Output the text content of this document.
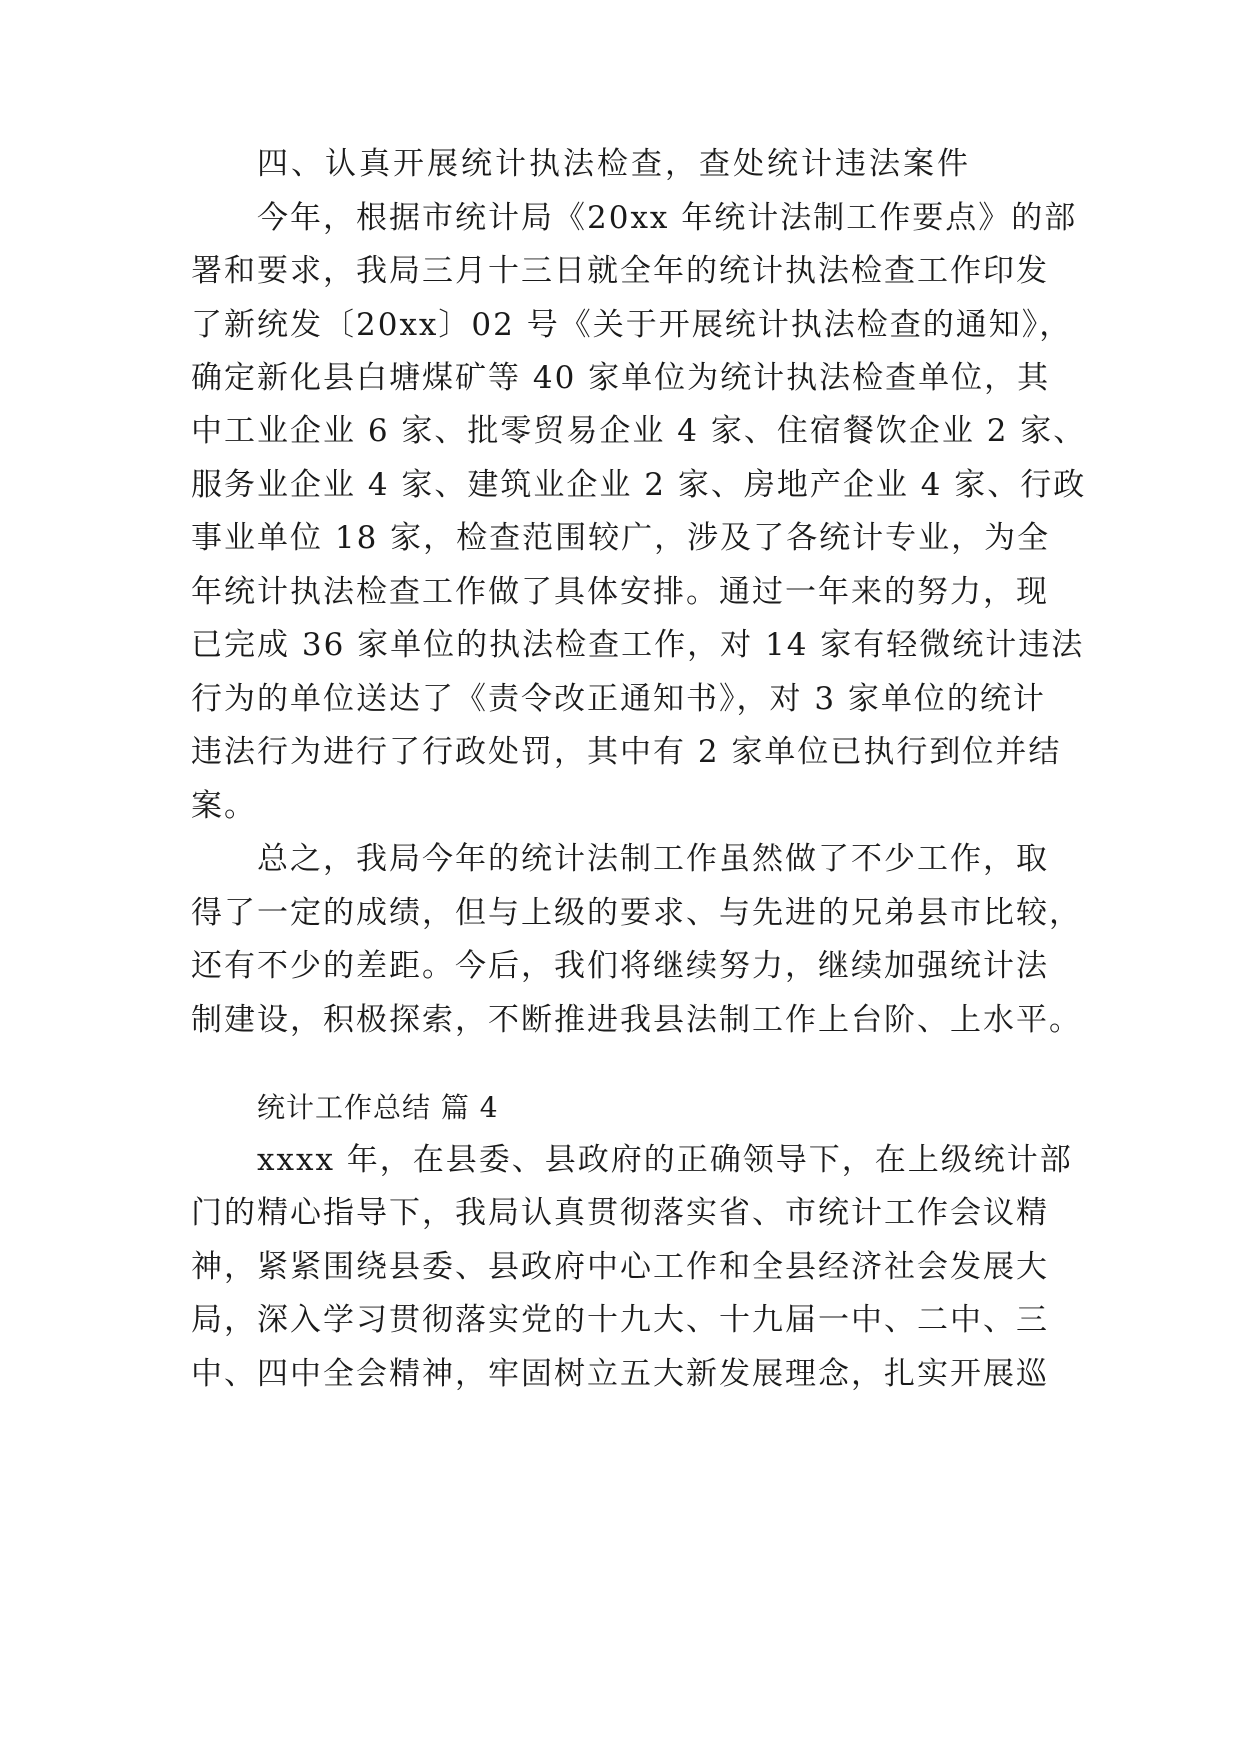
四、认真开展统计执法检查，查处统计违法案件
今年，根据市统计局《20xx 年统计法制工作要点》的部
署和要求，我局三月十三日就全年的统计执法检查工作印发
了新统发〔20xx〕02 号《关于开展统计执法检查的通知》，
确定新化县白塘煤矿等 40 家单位为统计执法检查单位，其
中工业企业 6 家、批零贸易企业 4 家、住宿餐饮企业 2 家、
服务业企业 4 家、建筑业企业 2 家、房地产企业 4 家、行政
事业单位 18 家，检查范围较广，涉及了各统计专业，为全
年统计执法检查工作做了具体安排。通过一年来的努力，现
已完成 36 家单位的执法检查工作，对 14 家有轻微统计违法
行为的单位送达了《责令改正通知书》，对 3 家单位的统计
违法行为进行了行政处罚，其中有 2 家单位已执行到位并结
案。
总之，我局今年的统计法制工作虽然做了不少工作，取
得了一定的成绩，但与上级的要求、与先进的兄弟县市比较，
还有不少的差距。今后，我们将继续努力，继续加强统计法
制建设，积极探索，不断推进我县法制工作上台阶、上水平。
统计工作总结 篇 4
xxxx 年，在县委、县政府的正确领导下，在上级统计部
门的精心指导下，我局认真贯彻落实省、市统计工作会议精
神，紧紧围绕县委、县政府中心工作和全县经济社会发展大
局，深入学习贯彻落实党的十九大、十九届一中、二中、三
中、四中全会精神，牢固树立五大新发展理念，扎实开展巡
